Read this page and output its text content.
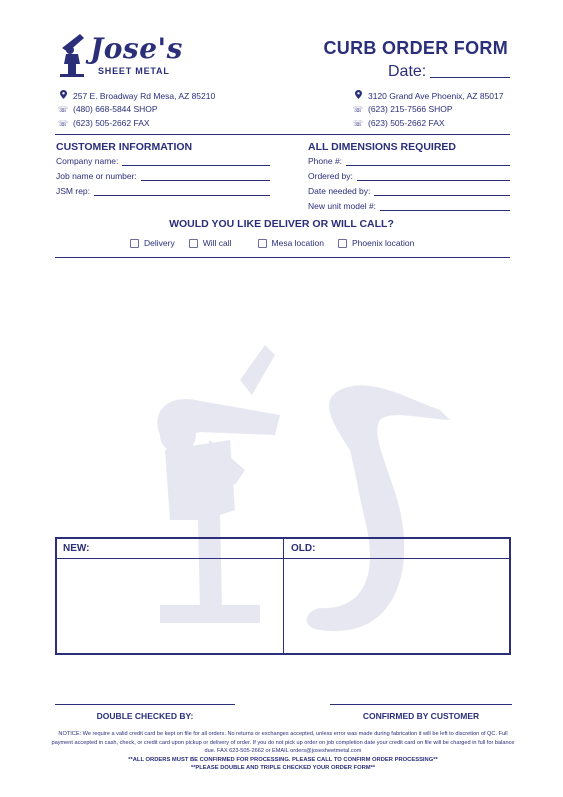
Jose's
SHEET METAL
CURB ORDER FORM
Date:
257 E. Broadway Rd Mesa, AZ 85210
☏ (480) 668-5844 SHOP
☏ (623) 505-2662 FAX
3120 Grand Ave Phoenix, AZ 85017
☏ (623) 215-7566 SHOP
☏ (623) 505-2662 FAX
CUSTOMER INFORMATION
Company name:
Job name or number:
JSM rep:
ALL DIMENSIONS REQUIRED
Phone #:
Ordered by:
Date needed by:
New unit model #:
WOULD YOU LIKE DELIVER OR WILL CALL?
Delivery	Will call	Mesa location	Phoenix location
NEW:	OLD:
DOUBLE CHECKED BY:	CONFIRMED BY CUSTOMER
NOTICE: We require a valid credit card be kept on file for all orders. No returns or exchanges accepted, unless error was made during fabrication it will be left to discretion of QC. Full payment accepted in cash, check, or credit card upon pickup or delivery of order. If you do not pick up order on job completion date your credit card on file will be charged in full for balance due. FAX 623-505-2662 or EMAIL orders@josesheetmetal.com
**ALL ORDERS MUST BE CONFIRMED FOR PROCESSING. PLEASE CALL TO CONFIRM ORDER PROCESSING**
**PLEASE DOUBLE AND TRIPLE CHECKED YOUR ORDER FORM**
